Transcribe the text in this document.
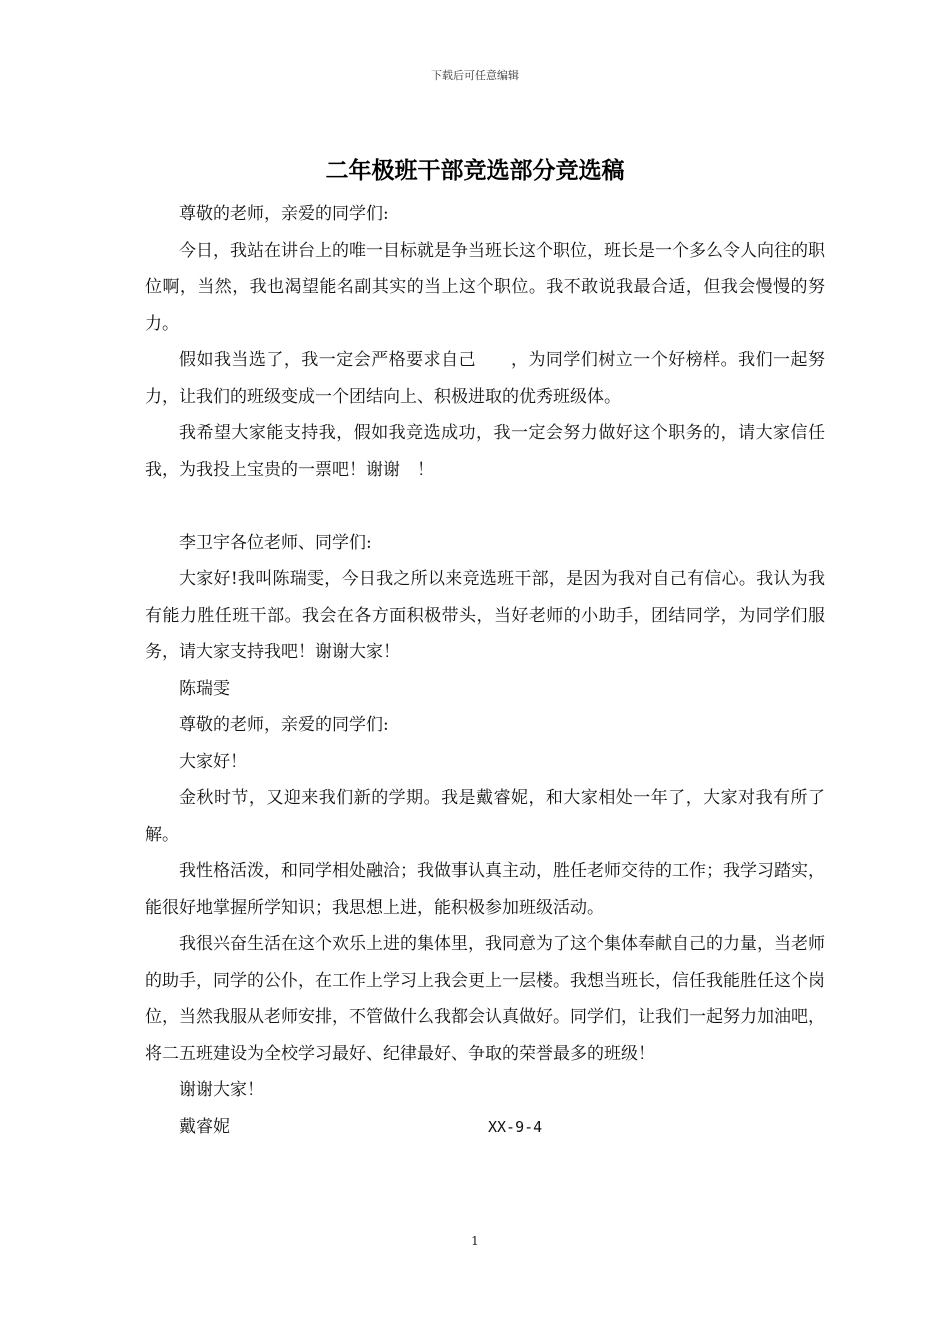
下载后可任意编辑
二年极班干部竞选部分竞选稿

尊敬的老师，亲爱的同学们:

今日，我站在讲台上的唯一目标就是争当班长这个职位，班长是一个多么令人向往的职位啊，当然，我也渴望能名副其实的当上这个职位。我不敢说我最合适，但我会慢慢的努力。

假如我当选了，我一定会严格要求自己　　，为同学们树立一个好榜样。我们一起努力，让我们的班级变成一个团结向上、积极进取的优秀班级体。

我希望大家能支持我，假如我竞选成功，我一定会努力做好这个职务的，请大家信任我，为我投上宝贵的一票吧！谢谢　！

李卫宇各位老师、同学们:

大家好!我叫陈瑞雯，今日我之所以来竞选班干部，是因为我对自己有信心。我认为我有能力胜任班干部。我会在各方面积极带头，当好老师的小助手，团结同学，为同学们服务，请大家支持我吧！谢谢大家！

陈瑞雯

尊敬的老师，亲爱的同学们:

大家好！

金秋时节，又迎来我们新的学期。我是戴睿妮，和大家相处一年了，大家对我有所了解。

我性格活泼，和同学相处融洽；我做事认真主动，胜任老师交待的工作；我学习踏实，能很好地掌握所学知识；我思想上进，能积极参加班级活动。

我很兴奋生活在这个欢乐上进的集体里，我同意为了这个集体奉献自己的力量，当老师的助手，同学的公仆，在工作上学习上我会更上一层楼。我想当班长，信任我能胜任这个岗位，当然我服从老师安排，不管做什么我都会认真做好。同学们，让我们一起努力加油吧，将二五班建设为全校学习最好、纪律最好、争取的荣誉最多的班级！

谢谢大家！

戴睿妮	XX-9-4

1
